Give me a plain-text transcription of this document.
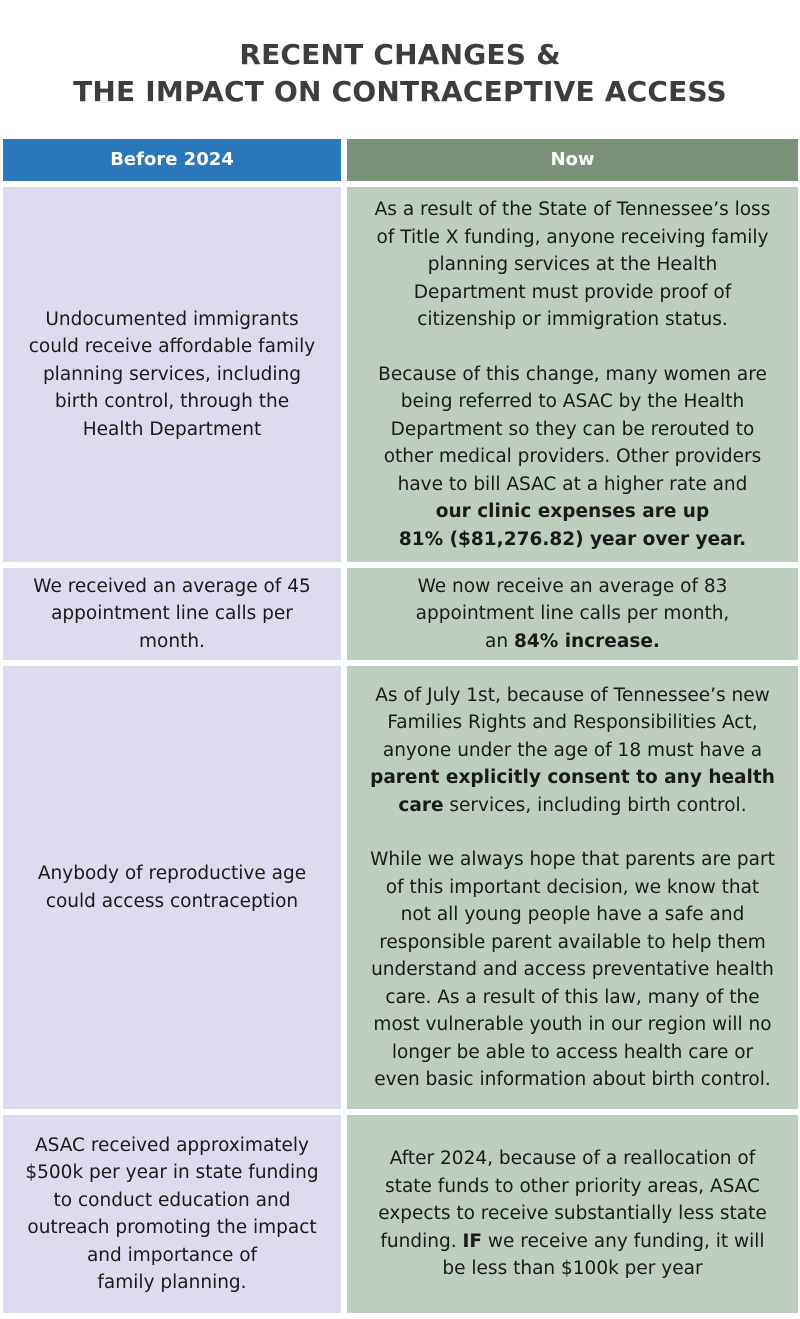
RECENT CHANGES &
THE IMPACT ON CONTRACEPTIVE ACCESS
Before 2024	Now
Undocumented immigrants
could receive affordable family
planning services, including
birth control, through the
Health Department
As a result of the State of Tennessee’s loss
of Title X funding, anyone receiving family
planning services at the Health
Department must provide proof of
citizenship or immigration status.
Because of this change, many women are
being referred to ASAC by the Health
Department so they can be rerouted to
other medical providers. Other providers
have to bill ASAC at a higher rate and
our clinic expenses are up
81% ($81,276.82) year over year.
We received an average of 45
appointment line calls per
month.
We now receive an average of 83
appointment line calls per month,
an 84% increase.
Anybody of reproductive age
could access contraception
As of July 1st, because of Tennessee’s new
Families Rights and Responsibilities Act,
anyone under the age of 18 must have a
parent explicitly consent to any health
care services, including birth control.
While we always hope that parents are part
of this important decision, we know that
not all young people have a safe and
responsible parent available to help them
understand and access preventative health
care. As a result of this law, many of the
most vulnerable youth in our region will no
longer be able to access health care or
even basic information about birth control.
ASAC received approximately
$500k per year in state funding
to conduct education and
outreach promoting the impact
and importance of
family planning.
After 2024, because of a reallocation of
state funds to other priority areas, ASAC
expects to receive substantially less state
funding. IF we receive any funding, it will
be less than $100k per year
